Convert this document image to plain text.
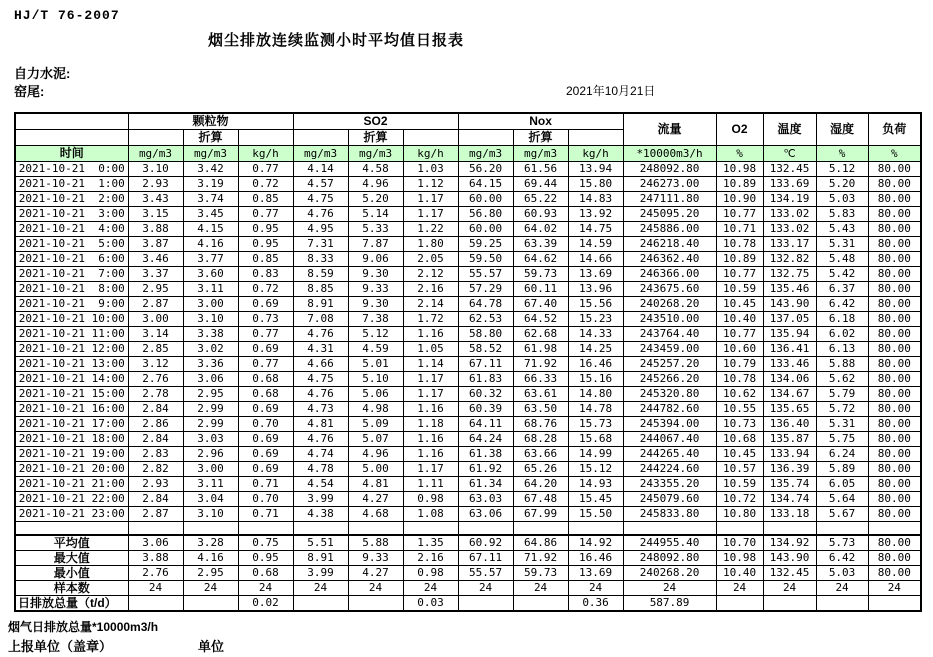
HJ/T 76-2007
烟尘排放连续监测小时平均值日报表
自力水泥:
窑尾:	2021年10月21日
	颗粒物			SO2			Nox			流量	O2	温度	湿度	负荷
		折算			折算			折算						
时间	mg/m3	mg/m3	kg/h	mg/m3	mg/m3	kg/h	mg/m3	mg/m3	kg/h	*10000m3/h	%	℃	%	%
2021-10-21  0:00	3.10	3.42	0.77	4.14	4.58	1.03	56.20	61.56	13.94	248092.80	10.98	132.45	5.12	80.00
2021-10-21  1:00	2.93	3.19	0.72	4.57	4.96	1.12	64.15	69.44	15.80	246273.00	10.89	133.69	5.20	80.00
2021-10-21  2:00	3.43	3.74	0.85	4.75	5.20	1.17	60.00	65.22	14.83	247111.80	10.90	134.19	5.03	80.00
2021-10-21  3:00	3.15	3.45	0.77	4.76	5.14	1.17	56.80	60.93	13.92	245095.20	10.77	133.02	5.83	80.00
2021-10-21  4:00	3.88	4.15	0.95	4.95	5.33	1.22	60.00	64.02	14.75	245886.00	10.71	133.02	5.43	80.00
2021-10-21  5:00	3.87	4.16	0.95	7.31	7.87	1.80	59.25	63.39	14.59	246218.40	10.78	133.17	5.31	80.00
2021-10-21  6:00	3.46	3.77	0.85	8.33	9.06	2.05	59.50	64.62	14.66	246362.40	10.89	132.82	5.48	80.00
2021-10-21  7:00	3.37	3.60	0.83	8.59	9.30	2.12	55.57	59.73	13.69	246366.00	10.77	132.75	5.42	80.00
2021-10-21  8:00	2.95	3.11	0.72	8.85	9.33	2.16	57.29	60.11	13.96	243675.60	10.59	135.46	6.37	80.00
2021-10-21  9:00	2.87	3.00	0.69	8.91	9.30	2.14	64.78	67.40	15.56	240268.20	10.45	143.90	6.42	80.00
2021-10-21 10:00	3.00	3.10	0.73	7.08	7.38	1.72	62.53	64.52	15.23	243510.00	10.40	137.05	6.18	80.00
2021-10-21 11:00	3.14	3.38	0.77	4.76	5.12	1.16	58.80	62.68	14.33	243764.40	10.77	135.94	6.02	80.00
2021-10-21 12:00	2.85	3.02	0.69	4.31	4.59	1.05	58.52	61.98	14.25	243459.00	10.60	136.41	6.13	80.00
2021-10-21 13:00	3.12	3.36	0.77	4.66	5.01	1.14	67.11	71.92	16.46	245257.20	10.79	133.46	5.88	80.00
2021-10-21 14:00	2.76	3.06	0.68	4.75	5.10	1.17	61.83	66.33	15.16	245266.20	10.78	134.06	5.62	80.00
2021-10-21 15:00	2.78	2.95	0.68	4.76	5.06	1.17	60.32	63.61	14.80	245320.80	10.62	134.67	5.79	80.00
2021-10-21 16:00	2.84	2.99	0.69	4.73	4.98	1.16	60.39	63.50	14.78	244782.60	10.55	135.65	5.72	80.00
2021-10-21 17:00	2.86	2.99	0.70	4.81	5.09	1.18	64.11	68.76	15.73	245394.00	10.73	136.40	5.31	80.00
2021-10-21 18:00	2.84	3.03	0.69	4.76	5.07	1.16	64.24	68.28	15.68	244067.40	10.68	135.87	5.75	80.00
2021-10-21 19:00	2.83	2.96	0.69	4.74	4.96	1.16	61.38	63.66	14.99	244265.40	10.45	133.94	6.24	80.00
2021-10-21 20:00	2.82	3.00	0.69	4.78	5.00	1.17	61.92	65.26	15.12	244224.60	10.57	136.39	5.89	80.00
2021-10-21 21:00	2.93	3.11	0.71	4.54	4.81	1.11	61.34	64.20	14.93	243355.20	10.59	135.74	6.05	80.00
2021-10-21 22:00	2.84	3.04	0.70	3.99	4.27	0.98	63.03	67.48	15.45	245079.60	10.72	134.74	5.64	80.00
2021-10-21 23:00	2.87	3.10	0.71	4.38	4.68	1.08	63.06	67.99	15.50	245833.80	10.80	133.18	5.67	80.00

平均值	3.06	3.28	0.75	5.51	5.88	1.35	60.92	64.86	14.92	244955.40	10.70	134.92	5.73	80.00
最大值	3.88	4.16	0.95	8.91	9.33	2.16	67.11	71.92	16.46	248092.80	10.98	143.90	6.42	80.00
最小值	2.76	2.95	0.68	3.99	4.27	0.98	55.57	59.73	13.69	240268.20	10.40	132.45	5.03	80.00
样本数	24	24	24	24	24	24	24	24	24	24	24	24	24	24
日排放总量（t/d）			0.02			0.03			0.36	587.89				
烟气日排放总量*10000m3/h
上报单位（盖章）	单位
